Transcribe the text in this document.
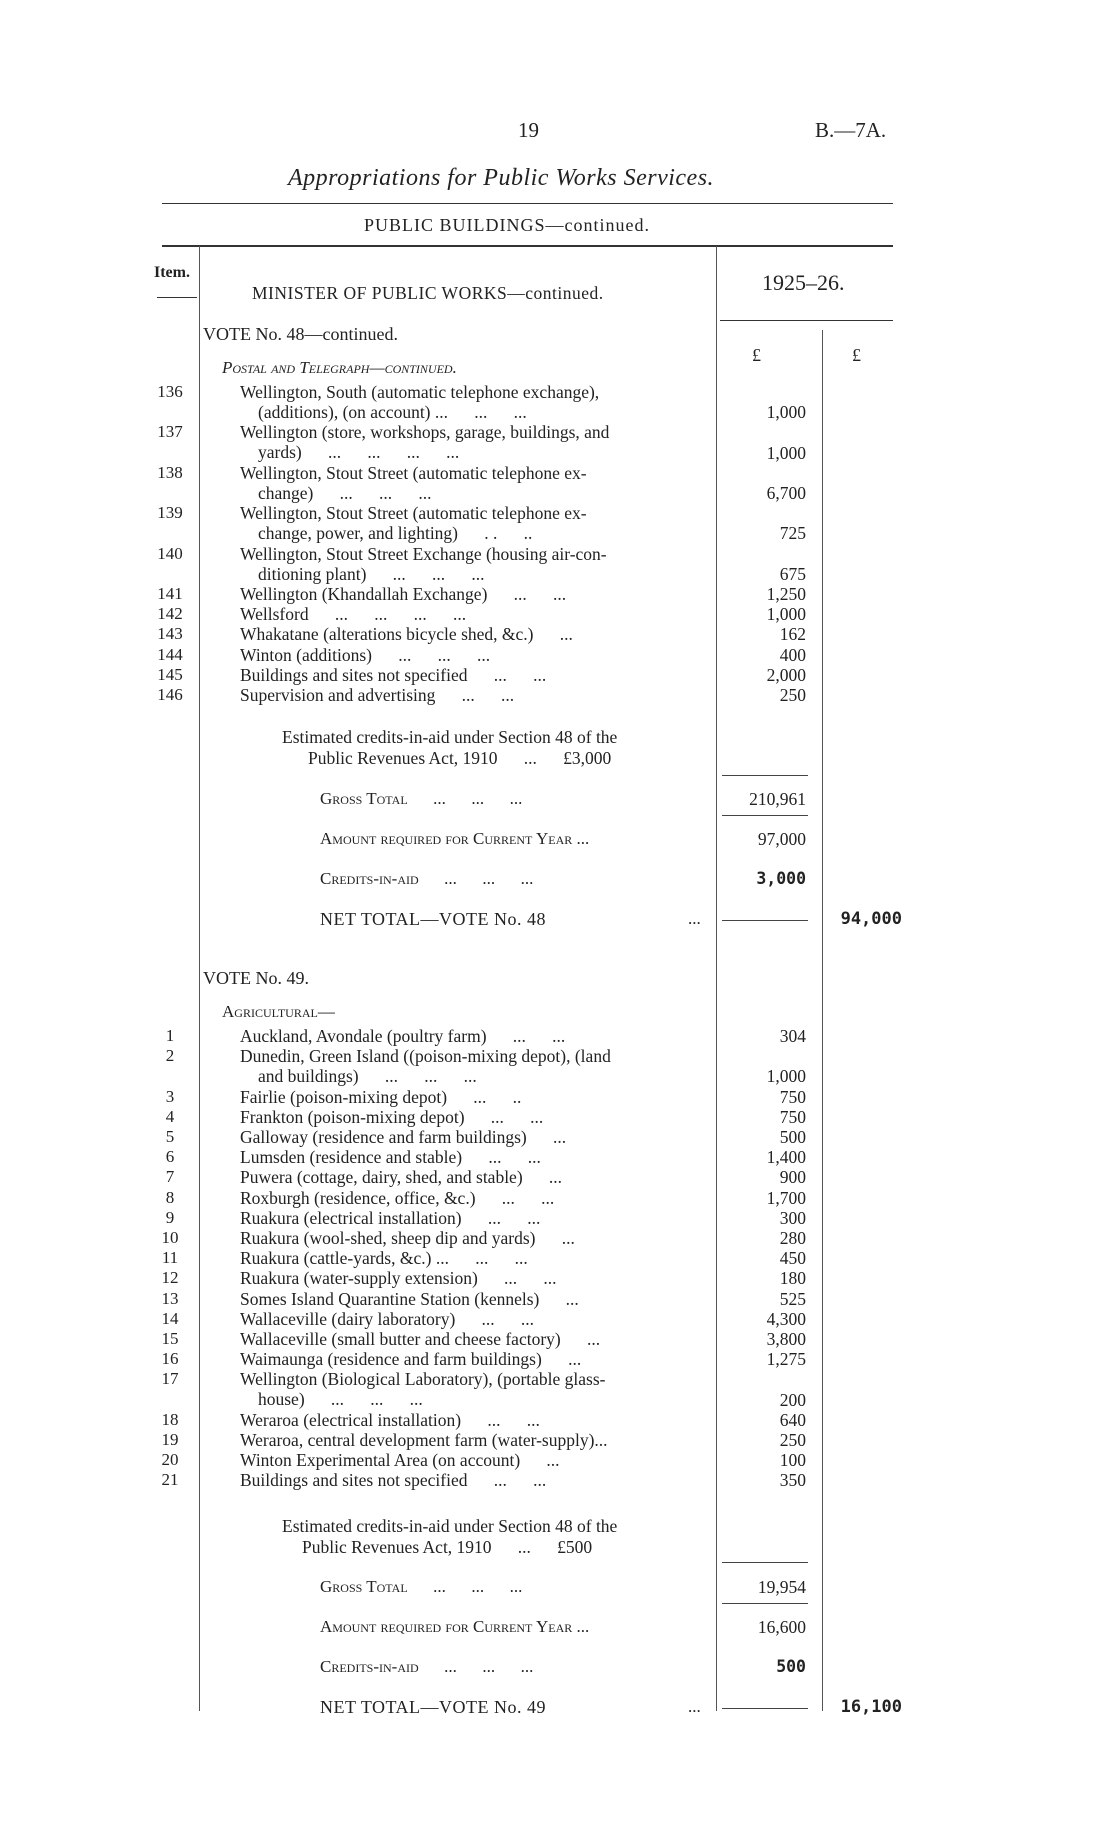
19	B.—7A.
Appropriations for Public Works Services.
PUBLIC BUILDINGS—continued.
Item.
MINISTER OF PUBLIC WORKS—continued.	1925–26.
£	£
VOTE No. 48—continued.
Postal and Telegraph—continued.
136	Wellington, South (automatic telephone exchange),
(additions), (on account) ...      ...      ...	1,000
137	Wellington (store, workshops, garage, buildings, and
yards)      ...      ...      ...      ...	1,000
138	Wellington, Stout Street (automatic telephone ex-
change)      ...      ...      ...	6,700
139	Wellington, Stout Street (automatic telephone ex-
change, power, and lighting)      . .      ..	725
140	Wellington, Stout Street Exchange (housing air-con-
ditioning plant)      ...      ...      ...	675
141	Wellington (Khandallah Exchange)      ...      ...	1,250
142	Wellsford      ...      ...      ...      ...	1,000
143	Whakatane (alterations bicycle shed, &c.)      ...	162
144	Winton (additions)      ...      ...      ...	400
145	Buildings and sites not specified      ...      ...	2,000
146	Supervision and advertising      ...      ...	250
Estimated credits-in-aid under Section 48 of the
Public Revenues Act, 1910      ...      £3,000
Gross Total      ...      ...      ...	210,961
Amount required for Current Year ...	97,000
Credits-in-aid      ...      ...      ...	3,000
NET TOTAL—VOTE No. 48	...	94,000
VOTE No. 49.
Agricultural—
1	Auckland, Avondale (poultry farm)      ...      ...	304
2	Dunedin, Green Island ((poison-mixing depot), (land
and buildings)      ...      ...      ...	1,000
3	Fairlie (poison-mixing depot)      ...      ..	750
4	Frankton (poison-mixing depot)      ...      ...	750
5	Galloway (residence and farm buildings)      ...	500
6	Lumsden (residence and stable)      ...      ...	1,400
7	Puwera (cottage, dairy, shed, and stable)      ...	900
8	Roxburgh (residence, office, &c.)      ...      ...	1,700
9	Ruakura (electrical installation)      ...      ...	300
10	Ruakura (wool-shed, sheep dip and yards)      ...	280
11	Ruakura (cattle-yards, &c.) ...      ...      ...	450
12	Ruakura (water-supply extension)      ...      ...	180
13	Somes Island Quarantine Station (kennels)      ...	525
14	Wallaceville (dairy laboratory)      ...      ...	4,300
15	Wallaceville (small butter and cheese factory)      ...	3,800
16	Waimaunga (residence and farm buildings)      ...	1,275
17	Wellington (Biological Laboratory), (portable glass-
house)      ...      ...      ...	200
18	Weraroa (electrical installation)      ...      ...	640
19	Weraroa, central development farm (water-supply)...	250
20	Winton Experimental Area (on account)      ...	100
21	Buildings and sites not specified      ...      ...	350
Estimated credits-in-aid under Section 48 of the
Public Revenues Act, 1910      ...      £500
Gross Total      ...      ...      ...	19,954
Amount required for Current Year ...	16,600
Credits-in-aid      ...      ...      ...	500
NET TOTAL—VOTE No. 49	...	16,100
